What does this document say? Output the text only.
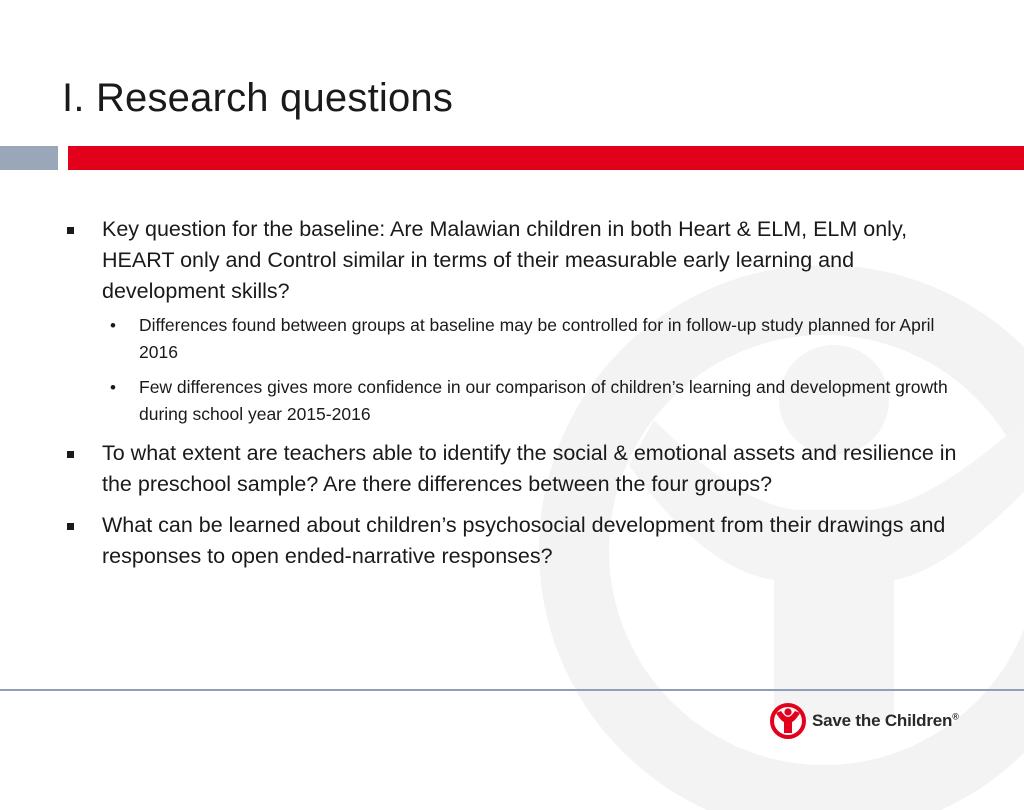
I. Research questions
Key question for the baseline: Are Malawian children in both Heart & ELM, ELM only, HEART only and Control similar in terms of their measurable early learning and development skills?
• Differences found between groups at baseline may be controlled for in follow-up study planned for April 2016
• Few differences gives more confidence in our comparison of children’s learning and development growth during school year 2015-2016
To what extent are teachers able to identify the social & emotional assets and resilience in the preschool sample? Are there differences between the four groups?
What can be learned about children’s psychosocial development from their drawings and responses to open ended-narrative responses?
Save the Children®
